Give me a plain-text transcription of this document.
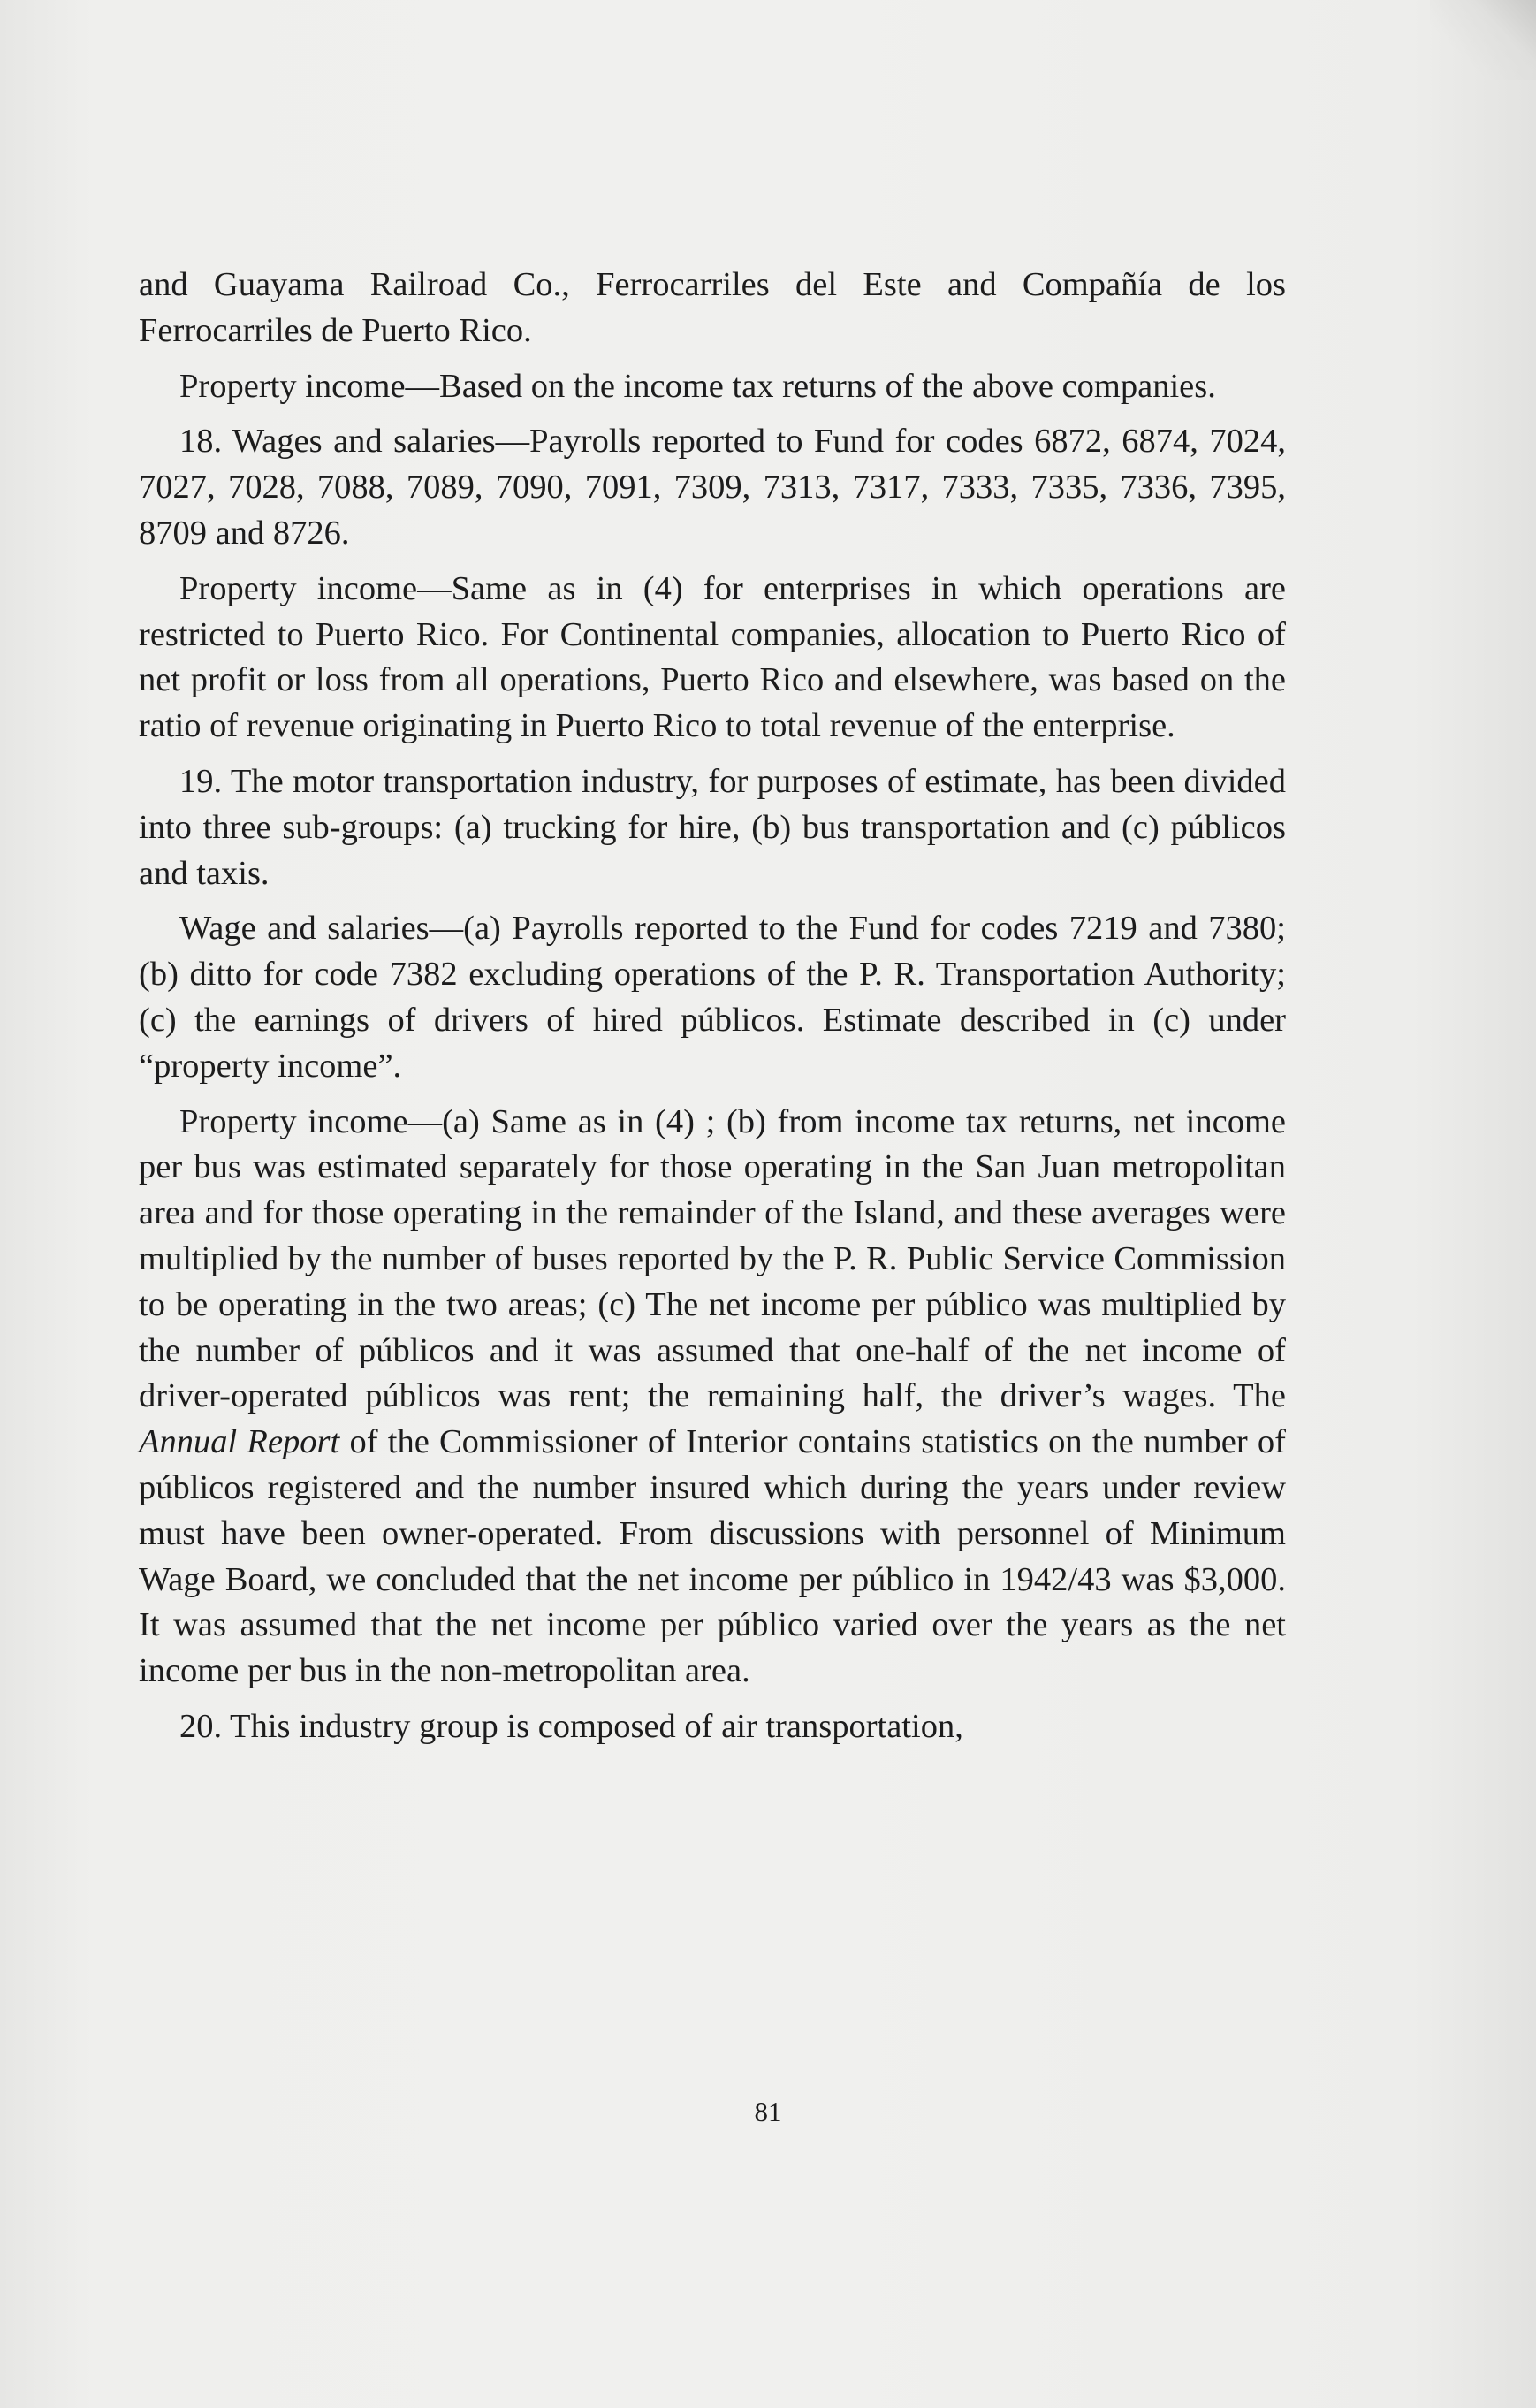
and Guayama Railroad Co., Ferrocarriles del Este and Compañía de los Ferrocarriles de Puerto Rico.

Property income—Based on the income tax returns of the above companies.

18. Wages and salaries—Payrolls reported to Fund for codes 6872, 6874, 7024, 7027, 7028, 7088, 7089, 7090, 7091, 7309, 7313, 7317, 7333, 7335, 7336, 7395, 8709 and 8726.

Property income—Same as in (4) for enterprises in which operations are restricted to Puerto Rico. For Continental companies, allocation to Puerto Rico of net profit or loss from all operations, Puerto Rico and elsewhere, was based on the ratio of revenue originating in Puerto Rico to total revenue of the enterprise.

19. The motor transportation industry, for purposes of estimate, has been divided into three sub-groups: (a) trucking for hire, (b) bus transportation and (c) públicos and taxis.

Wage and salaries—(a) Payrolls reported to the Fund for codes 7219 and 7380; (b) ditto for code 7382 excluding operations of the P. R. Transportation Authority; (c) the earnings of drivers of hired públicos. Estimate described in (c) under “property income”.

Property income—(a) Same as in (4) ; (b) from income tax returns, net income per bus was estimated separately for those operating in the San Juan metropolitan area and for those operating in the remainder of the Island, and these averages were multiplied by the number of buses reported by the P. R. Public Service Commission to be operating in the two areas; (c) The net income per público was multiplied by the number of públicos and it was assumed that one-half of the net income of driver-operated públicos was rent; the remaining half, the driver’s wages. The Annual Report of the Commissioner of Interior contains statistics on the number of públicos registered and the number insured which during the years under review must have been owner-operated. From discussions with personnel of Minimum Wage Board, we concluded that the net income per público in 1942/43 was $3,000. It was assumed that the net income per público varied over the years as the net income per bus in the non-metropolitan area.

20. This industry group is composed of air transportation,

81
